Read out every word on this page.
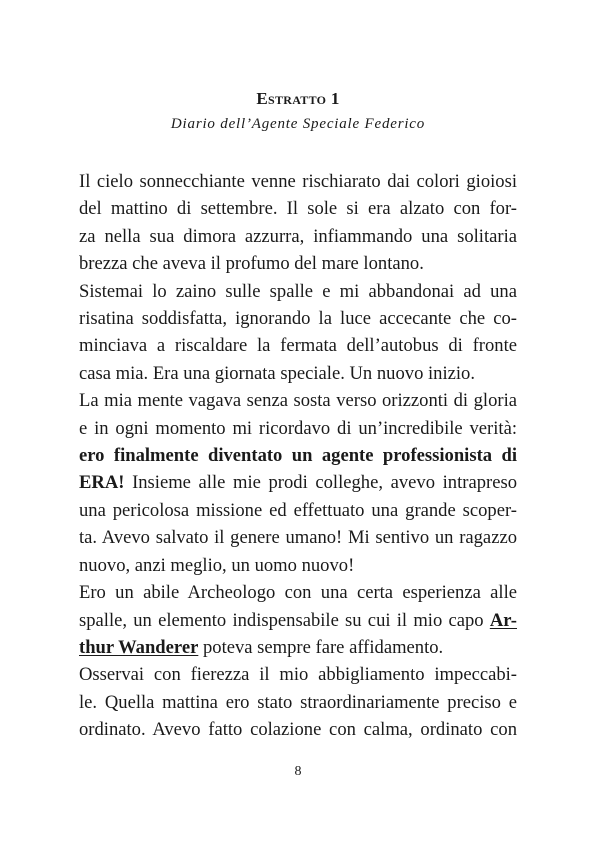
Estratto 1
Diario dell’Agente Speciale Federico
Il cielo sonnecchiante venne rischiarato dai colori gioiosi
del mattino di settembre. Il sole si era alzato con for-
za nella sua dimora azzurra, infiammando una solitaria
brezza che aveva il profumo del mare lontano.
Sistemai lo zaino sulle spalle e mi abbandonai ad una
risatina soddisfatta, ignorando la luce accecante che co-
minciava a riscaldare la fermata dell’autobus di fronte
casa mia. Era una giornata speciale. Un nuovo inizio.
La mia mente vagava senza sosta verso orizzonti di gloria
e in ogni momento mi ricordavo di un’incredibile verità:
ero finalmente diventato un agente professionista di
ERA! Insieme alle mie prodi colleghe, avevo intrapreso
una pericolosa missione ed effettuato una grande scoper-
ta. Avevo salvato il genere umano! Mi sentivo un ragazzo
nuovo, anzi meglio, un uomo nuovo!
Ero un abile Archeologo con una certa esperienza alle
spalle, un elemento indispensabile su cui il mio capo Ar-
thur Wanderer poteva sempre fare affidamento.
Osservai con fierezza il mio abbigliamento impeccabi-
le. Quella mattina ero stato straordinariamente preciso e
ordinato. Avevo fatto colazione con calma, ordinato con
8
